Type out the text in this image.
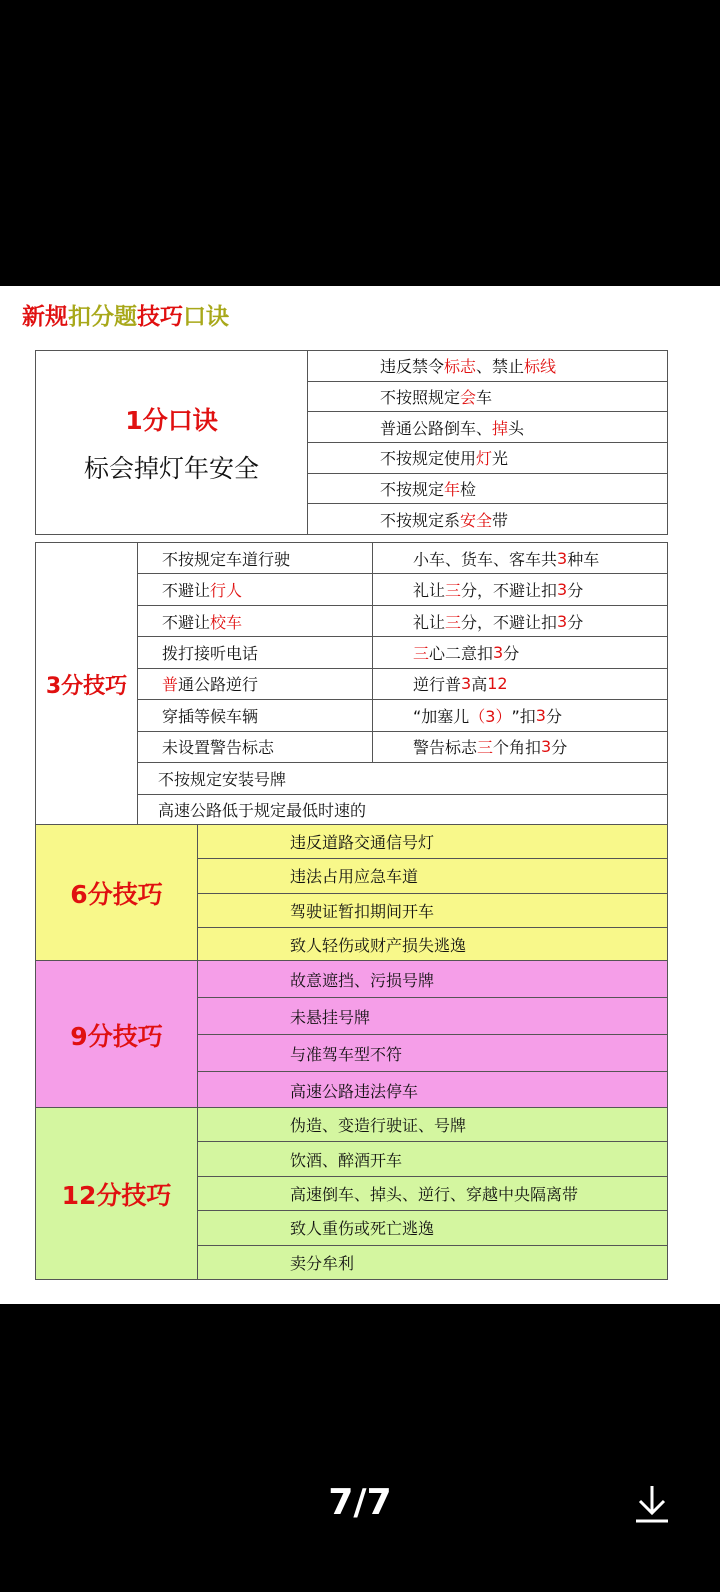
新规扣分题技巧口诀
1分口诀
标会掉灯年安全
违反禁令 标志 、禁止 标线
不按照规定 会 车
普通公路倒车、 掉 头
不按规定使用 灯 光
不按规定 年 检
不按规定系 安全 带
3分技巧
不按规定车道行驶	小车、货车、客车共 3 种车
不避让 行人	礼让 三 分，不避让扣 3 分
不避让 校车	礼让 三 分，不避让扣 3 分
拨打接听电话	三 心二意扣 3 分
普 通公路逆行	逆行普 3 高 12
穿插等候车辆	“加塞儿 （3） ”扣 3 分
未设置警告标志	警告标志 三 个角扣 3 分
不按规定安装号牌
高速公路低于规定最低时速的
6分技巧
违反道路交通信号灯
违法占用应急车道
驾驶证暂扣期间开车
致人轻伤或财产损失逃逸
9分技巧
故意遮挡、污损号牌
未悬挂号牌
与准驾车型不符
高速公路违法停车
12分技巧
伪造、变造行驶证、号牌
饮酒、醉酒开车
高速倒车、掉头、逆行、穿越中央隔离带
致人重伤或死亡逃逸
卖分牟利
7/7
